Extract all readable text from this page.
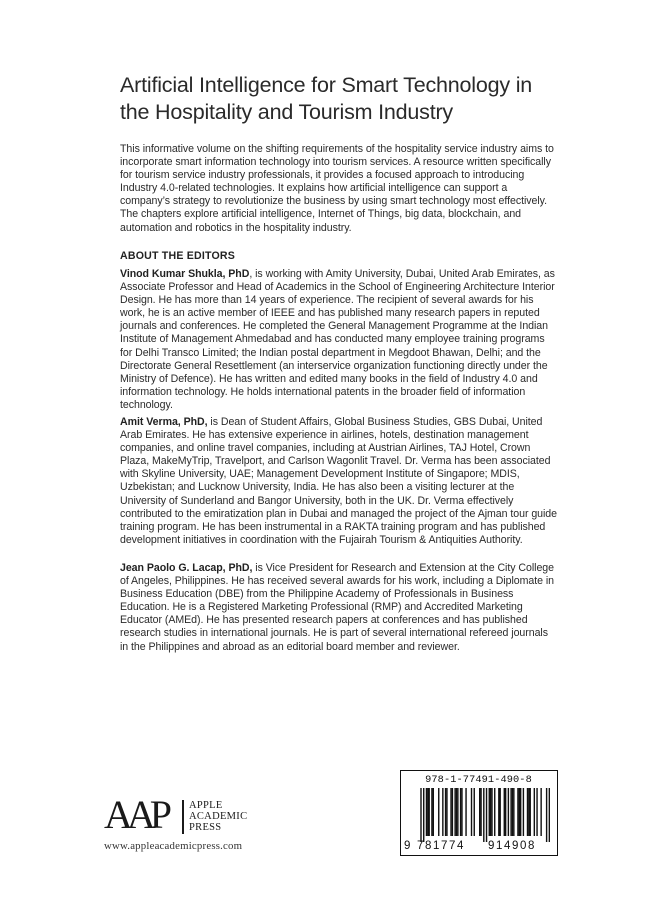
Artificial Intelligence for Smart Technology in
the Hospitality and Tourism Industry

This informative volume on the shifting requirements of the hospitality service industry aims to incorporate smart information technology into tourism services. A resource written specifically for tourism service industry professionals, it provides a focused approach to introducing Industry 4.0-related technologies. It explains how artificial intelligence can support a company’s strategy to revolutionize the business by using smart technology most effectively. The chapters explore artificial intelligence, Internet of Things, big data, blockchain, and automation and robotics in the hospitality industry.

ABOUT THE EDITORS

Vinod Kumar Shukla, PhD, is working with Amity University, Dubai, United Arab Emirates, as Associate Professor and Head of Academics in the School of Engineering Architecture Interior Design. He has more than 14 years of experience. The recipient of several awards for his work, he is an active member of IEEE and has published many research papers in reputed journals and conferences. He completed the General Management Programme at the Indian Institute of Management Ahmedabad and has conducted many employee training programs for Delhi Transco Limited; the Indian postal department in Megdoot Bhawan, Delhi; and the Directorate General Resettlement (an interservice organization functioning directly under the Ministry of Defence). He has written and edited many books in the field of Industry 4.0 and information technology. He holds international patents in the broader field of information technology.

Amit Verma, PhD, is Dean of Student Affairs, Global Business Studies, GBS Dubai, United Arab Emirates. He has extensive experience in airlines, hotels, destination management companies, and online travel companies, including at Austrian Airlines, TAJ Hotel, Crown Plaza, MakeMyTrip, Travelport, and Carlson Wagonlit Travel. Dr. Verma has been associated with Skyline University, UAE; Management Development Institute of Singapore; MDIS, Uzbekistan; and Lucknow University, India. He has also been a visiting lecturer at the University of Sunderland and Bangor University, both in the UK. Dr. Verma effectively contributed to the emiratization plan in Dubai and managed the project of the Ajman tour guide training program. He has been instrumental in a RAKTA training program and has published development initiatives in coordination with the Fujairah Tourism & Antiquities Authority.

Jean Paolo G. Lacap, PhD, is Vice President for Research and Extension at the City College of Angeles, Philippines. He has received several awards for his work, including a Diplomate in Business Education (DBE) from the Philippine Academy of Professionals in Business Education. He is a Registered Marketing Professional (RMP) and Accredited Marketing Educator (AMEd). He has presented research papers at conferences and has published research studies in international journals. He is part of several international refereed journals in the Philippines and abroad as an editorial board member and reviewer.

AAP APPLE
ACADEMIC
PRESS
www.appleacademicpress.com
978-1-77491-490-8
9 781774 914908
